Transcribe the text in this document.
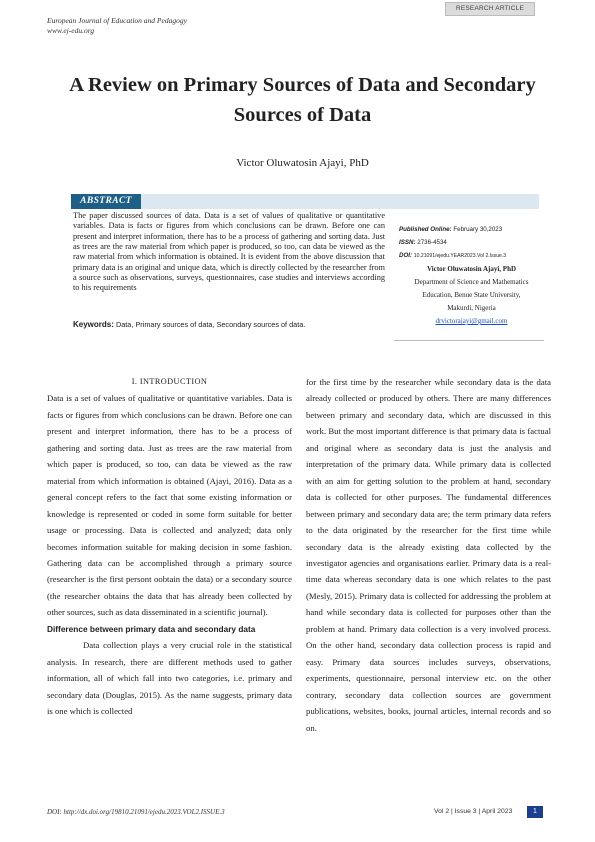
RESEARCH ARTICLE
European Journal of Education and Pedagogy
www.ej-edu.org
A Review on Primary Sources of Data and Secondary Sources of Data
Victor Oluwatosin Ajayi, PhD
ABSTRACT

The paper discussed sources of data. Data is a set of values of qualitative or quantitative variables. Data is facts or figures from which conclusions can be drawn. Before one can present and interpret information, there has to be a process of gathering and sorting data. Just as trees are the raw material from which paper is produced, so too, can data be viewed as the raw material from which information is obtained. It is evident from the above discussion that primary data is an original and unique data, which is directly collected by the researcher from a source such as observations, surveys, questionnaires, case studies and interviews according to his requirements

Keywords: Data, Primary sources of data, Secondary sources of data.
Published Online: February 30,2023
ISSN: 2736-4534
DOI: 10.21091/ejedu.YEAR2023.Vol 2.Issue.3
Victor Oluwatosin Ajayi, PhD
Department of Science and Mathematics
Education, Benue State University,
Makurdi, Nigeria
drvictorajayi@gmail.com
I. INTRODUCTION

Data is a set of values of qualitative or quantitative variables. Data is facts or figures from which conclusions can be drawn. Before one can present and interpret information, there has to be a process of gathering and sorting data. Just as trees are the raw material from which paper is produced, so too, can data be viewed as the raw material from which information is obtained (Ajayi, 2016). Data as a general concept refers to the fact that some existing information or knowledge is represented or coded in some form suitable for better usage or processing. Data is collected and analyzed; data only becomes information suitable for making decision in some fashion. Gathering data can be accomplished through a primary source (researcher is the first persont oobtain the data) or a secondary source (the researcher obtains the data that has already been collected by other sources, such as data disseminated in a scientific journal).

Difference between primary data and secondary data

Data collection plays a very crucial role in the statistical analysis. In research, there are different methods used to gather information, all of which fall into two categories, i.e. primary and secondary data (Douglas, 2015). As the name suggests, primary data is one which is collected

for the first time by the researcher while secondary data is the data already collected or produced by others. There are many differences between primary and secondary data, which are discussed in this work. But the most important difference is that primary data is factual and original where as secondary data is just the analysis and interpretation of the primary data. While primary data is collected with an aim for getting solution to the problem at hand, secondary data is collected for other purposes. The fundamental differences between primary and secondary data are; the term primary data refers to the data originated by the researcher for the first time while secondary data is the already existing data collected by the investigator agencies and organisations earlier. Primary data is a real-time data whereas secondary data is one which relates to the past (Mesly, 2015). Primary data is collected for addressing the problem at hand while secondary data is collected for purposes other than the problem at hand. Primary data collection is a very involved process. On the other hand, secondary data collection process is rapid and easy. Primary data sources includes surveys, observations, experiments, questionnaire, personal interview etc. on the other contrary, secondary data collection sources are government publications, websites, books, journal articles, internal records and so on.

DOI: http://dx.doi.org/19810.21091/ejedu.2023.VOL2.ISSUE.3	Vol 2 | Issue 3 | April 2023	1
